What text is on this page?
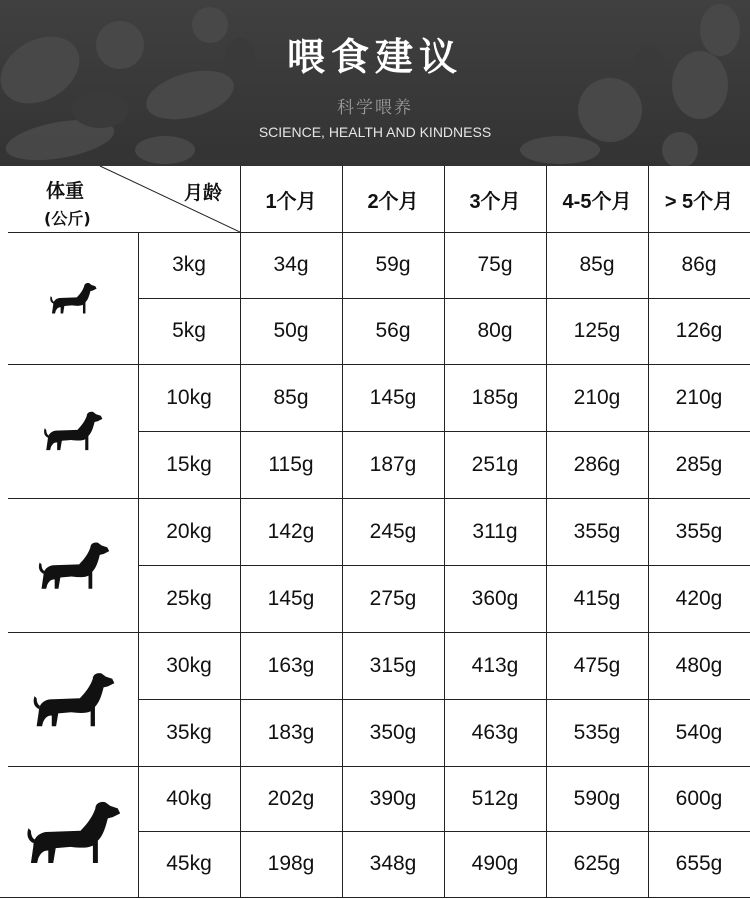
喂食建议
科学喂养
SCIENCE, HEALTH AND KINDNESS
体重
(公斤)
月龄	1个月	2个月	3个月	4-5个月	> 5个月
3kg	34g	59g	75g	85g	86g
5kg	50g	56g	80g	125g	126g
10kg	85g	145g	185g	210g	210g
15kg	115g	187g	251g	286g	285g
20kg	142g	245g	311g	355g	355g
25kg	145g	275g	360g	415g	420g
30kg	163g	315g	413g	475g	480g
35kg	183g	350g	463g	535g	540g
40kg	202g	390g	512g	590g	600g
45kg	198g	348g	490g	625g	655g
